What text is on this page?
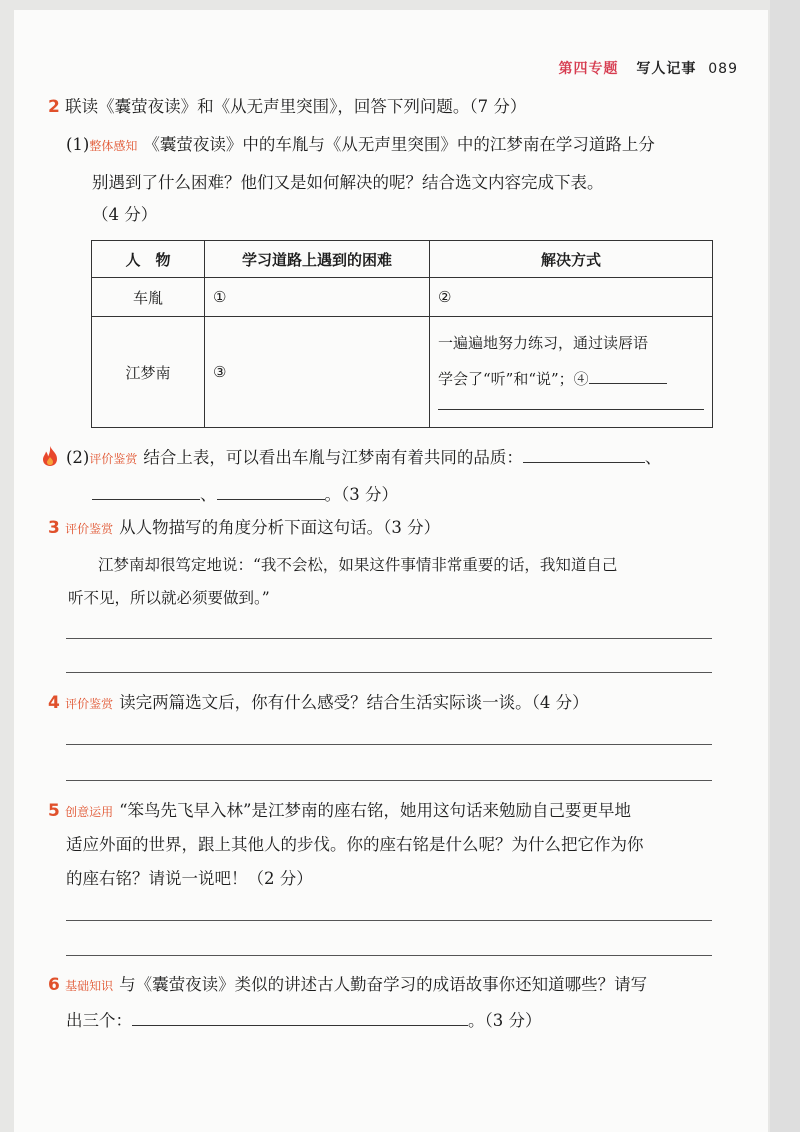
第四专题 写人记事 089
2 联读《囊萤夜读》和《从无声里突围》，回答下列问题。（7 分）
(1)整体感知 《囊萤夜读》中的车胤与《从无声里突围》中的江梦南在学习道路上分
别遇到了什么困难？他们又是如何解决的呢？结合选文内容完成下表。
（4 分）
人　物	学习道路上遇到的困难	解决方式
车胤	①	②
江梦南	③	一遍遍地努力练习，通过读唇语
学会了“听”和“说”；④
(2)评价鉴赏 结合上表，可以看出车胤与江梦南有着共同的品质：	、
、	。（3 分）
3 评价鉴赏 从人物描写的角度分析下面这句话。（3 分）
江梦南却很笃定地说：“我不会松，如果这件事情非常重要的话，我知道自己
听不见，所以就必须要做到。”
4 评价鉴赏 读完两篇选文后，你有什么感受？结合生活实际谈一谈。（4 分）
5 创意运用 “笨鸟先飞早入林”是江梦南的座右铭，她用这句话来勉励自己要更早地
适应外面的世界，跟上其他人的步伐。你的座右铭是什么呢？为什么把它作为你
的座右铭？请说一说吧！（2 分）
6 基础知识 与《囊萤夜读》类似的讲述古人勤奋学习的成语故事你还知道哪些？请写
出三个：	。（3 分）
